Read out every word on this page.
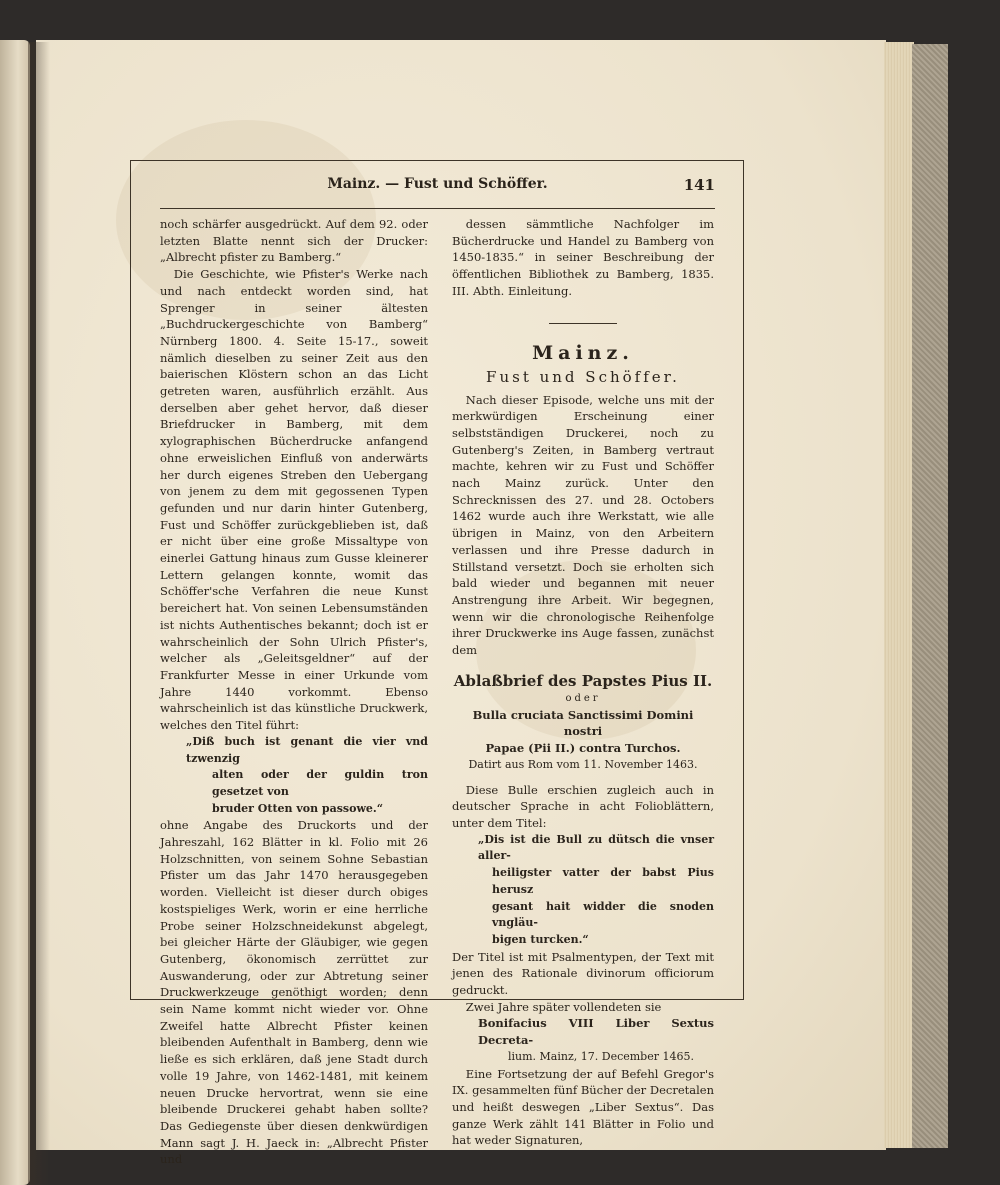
Mainz. — Fust und Schöffer.	141

noch schärfer ausgedrückt. Auf dem 92. oder letzten Blatte nennt sich der Drucker: „Albrecht pfister zu Bamberg.“

Die Geschichte, wie Pfister's Werke nach und nach entdeckt worden sind, hat Sprenger in seiner ältesten „Buchdruckergeschichte von Bamberg“ Nürnberg 1800. 4. Seite 15-17., soweit nämlich dieselben zu seiner Zeit aus den baierischen Klöstern schon an das Licht getreten waren, ausführlich erzählt. Aus derselben aber gehet hervor, daß dieser Briefdrucker in Bamberg, mit dem xylographischen Bücherdrucke anfangend ohne erweislichen Einfluß von anderwärts her durch eigenes Streben den Uebergang von jenem zu dem mit gegossenen Typen gefunden und nur darin hinter Gutenberg, Fust und Schöffer zurückgeblieben ist, daß er nicht über eine große Missaltype von einerlei Gattung hinaus zum Gusse kleinerer Lettern gelangen konnte, womit das Schöffer'sche Verfahren die neue Kunst bereichert hat. Von seinen Lebensumständen ist nichts Authentisches bekannt; doch ist er wahrscheinlich der Sohn Ulrich Pfister's, welcher als „Geleitsgeldner“ auf der Frankfurter Messe in einer Urkunde vom Jahre 1440 vorkommt. Ebenso wahrscheinlich ist das künstliche Druckwerk, welches den Titel führt:

„Diß buch ist genant die vier vnd tzwenzig

alten oder der guldin tron gesetzet von

bruder Otten von passowe.“

ohne Angabe des Druckorts und der Jahreszahl, 162 Blätter in kl. Folio mit 26 Holzschnitten, von seinem Sohne Sebastian Pfister um das Jahr 1470 herausgegeben worden. Vielleicht ist dieser durch obiges kostspieliges Werk, worin er eine herrliche Probe seiner Holzschneidekunst abgelegt, bei gleicher Härte der Gläubiger, wie gegen Gutenberg, ökonomisch zerrüttet zur Auswanderung, oder zur Abtretung seiner Druckwerkzeuge genöthigt worden; denn sein Name kommt nicht wieder vor. Ohne Zweifel hatte Albrecht Pfister keinen bleibenden Aufenthalt in Bamberg, denn wie ließe es sich erklären, daß jene Stadt durch volle 19 Jahre, von 1462-1481, mit keinem neuen Drucke hervortrat, wenn sie eine bleibende Druckerei gehabt haben sollte? Das Gediegenste über diesen denkwürdigen Mann sagt J. H. Jaeck in: „Albrecht Pfister und

dessen sämmtliche Nachfolger im Bücherdrucke und Handel zu Bamberg von 1450-1835.“ in seiner Beschreibung der öffentlichen Bibliothek zu Bamberg, 1835. III. Abth. Einleitung.

Mainz.

Fust und Schöffer.

Nach dieser Episode, welche uns mit der merkwürdigen Erscheinung einer selbstständigen Druckerei, noch zu Gutenberg's Zeiten, in Bamberg vertraut machte, kehren wir zu Fust und Schöffer nach Mainz zurück. Unter den Schrecknissen des 27. und 28. Octobers 1462 wurde auch ihre Werkstatt, wie alle übrigen in Mainz, von den Arbeitern verlassen und ihre Presse dadurch in Stillstand versetzt. Doch sie erholten sich bald wieder und begannen mit neuer Anstrengung ihre Arbeit. Wir begegnen, wenn wir die chronologische Reihenfolge ihrer Druckwerke ins Auge fassen, zunächst dem

Ablaßbrief des Papstes Pius II.

oder

Bulla cruciata Sanctissimi Domini nostri

Papae (Pii II.) contra Turchos.

Datirt aus Rom vom 11. November 1463.

Diese Bulle erschien zugleich auch in deutscher Sprache in acht Folioblättern, unter dem Titel:

„Dis ist die Bull zu dütsch die vnser aller-

heiligster vatter der babst Pius herusz

gesant hait widder die snoden vngläu-

bigen turcken.“

Der Titel ist mit Psalmentypen, der Text mit jenen des Rationale divinorum officiorum gedruckt.

Zwei Jahre später vollendeten sie

Bonifacius VIII Liber Sextus Decreta-

lium. Mainz, 17. December 1465.

Eine Fortsetzung der auf Befehl Gregor's IX. gesammelten fünf Bücher der Decretalen und heißt deswegen „Liber Sextus“. Das ganze Werk zählt 141 Blätter in Folio und hat weder Signaturen,
